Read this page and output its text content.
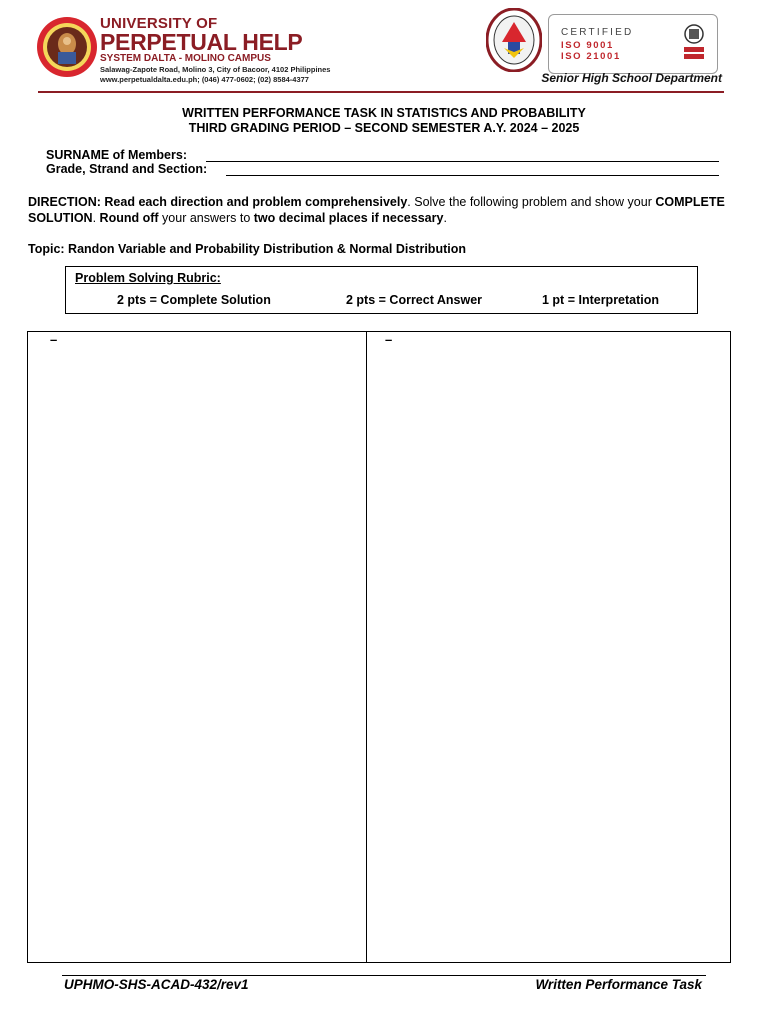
UNIVERSITY OF
PERPETUAL HELP
SYSTEM DALTA - MOLINO CAMPUS
Salawag-Zapote Road, Molino 3, City of Bacoor, 4102 Philippines
www.perpetualdalta.edu.ph; (046) 477-0602; (02) 8584-4377
CERTIFIED
ISO 9001
ISO 21001
Senior High School Department
WRITTEN PERFORMANCE TASK IN STATISTICS AND PROBABILITY
THIRD GRADING PERIOD – SECOND SEMESTER A.Y. 2024 – 2025
SURNAME of Members:
Grade, Strand and Section:
DIRECTION: Read each direction and problem comprehensively. Solve the following problem and show your COMPLETE SOLUTION. Round off your answers to two decimal places if necessary.
Topic: Randon Variable and Probability Distribution & Normal Distribution
Problem Solving Rubric:
2 pts = Complete Solution	2 pts = Correct Answer	1 pt = Interpretation
–	–
UPHMO-SHS-ACAD-432/rev1	Written Performance Task
